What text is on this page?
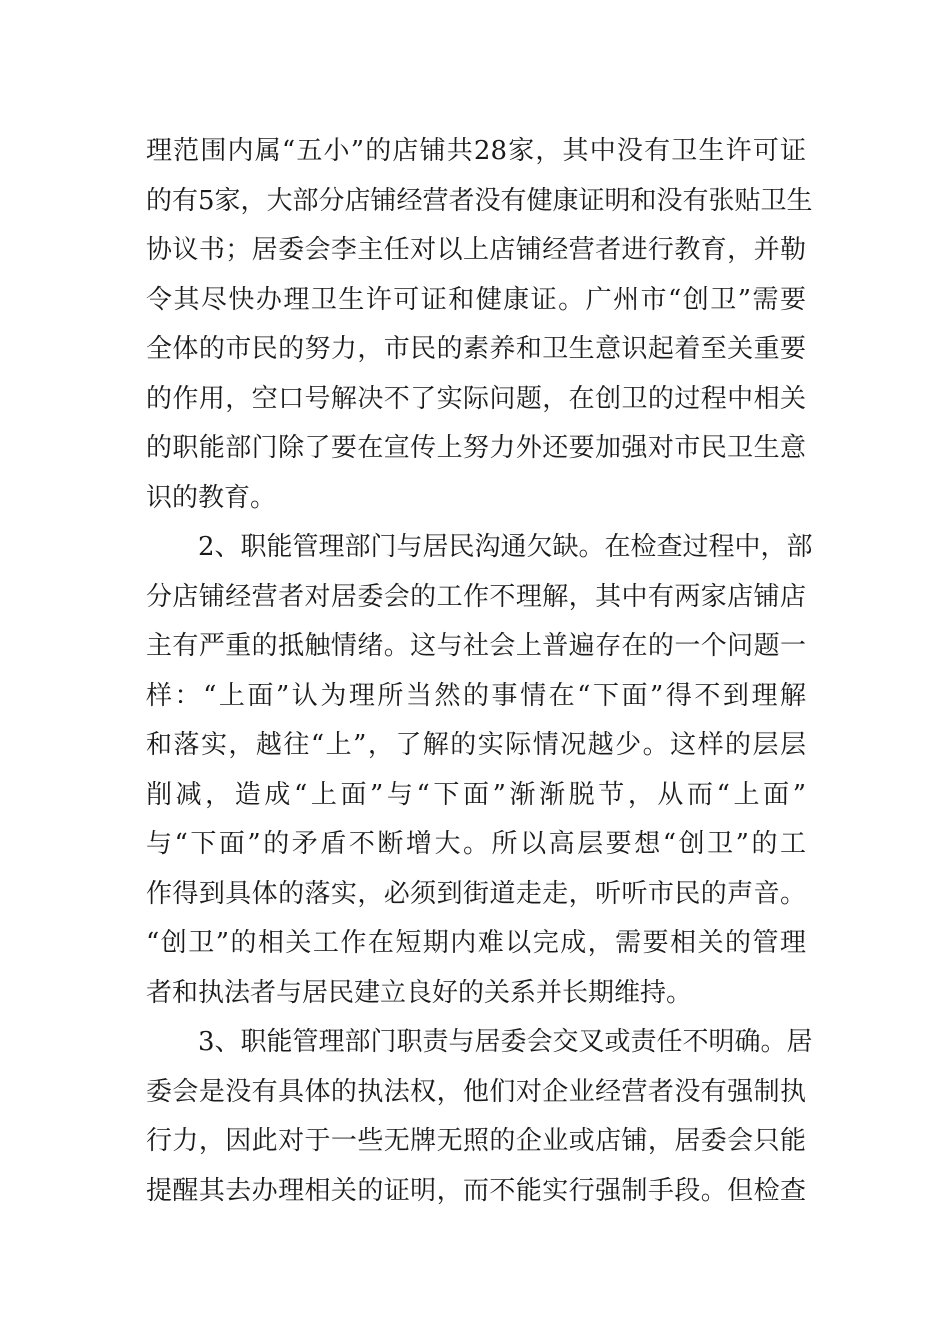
理范围内属“五小”的店铺共28家，其中没有卫生许可证
的有5家，大部分店铺经营者没有健康证明和没有张贴卫生
协议书；居委会李主任对以上店铺经营者进行教育，并勒
令其尽快办理卫生许可证和健康证。广州市“创卫”需要
全体的市民的努力，市民的素养和卫生意识起着至关重要
的作用，空口号解决不了实际问题，在创卫的过程中相关
的职能部门除了要在宣传上努力外还要加强对市民卫生意
识的教育。
2、职能管理部门与居民沟通欠缺。在检查过程中，部
分店铺经营者对居委会的工作不理解，其中有两家店铺店
主有严重的抵触情绪。这与社会上普遍存在的一个问题一
样：“上面”认为理所当然的事情在“下面”得不到理解
和落实，越往“上”，了解的实际情况越少。这样的层层
削减，造成“上面”与“下面”渐渐脱节，从而“上面”
与“下面”的矛盾不断增大。所以高层要想“创卫”的工
作得到具体的落实，必须到街道走走，听听市民的声音。
“创卫”的相关工作在短期内难以完成，需要相关的管理
者和执法者与居民建立良好的关系并长期维持。
3、职能管理部门职责与居委会交叉或责任不明确。居
委会是没有具体的执法权，他们对企业经营者没有强制执
行力，因此对于一些无牌无照的企业或店铺，居委会只能
提醒其去办理相关的证明，而不能实行强制手段。但检查
